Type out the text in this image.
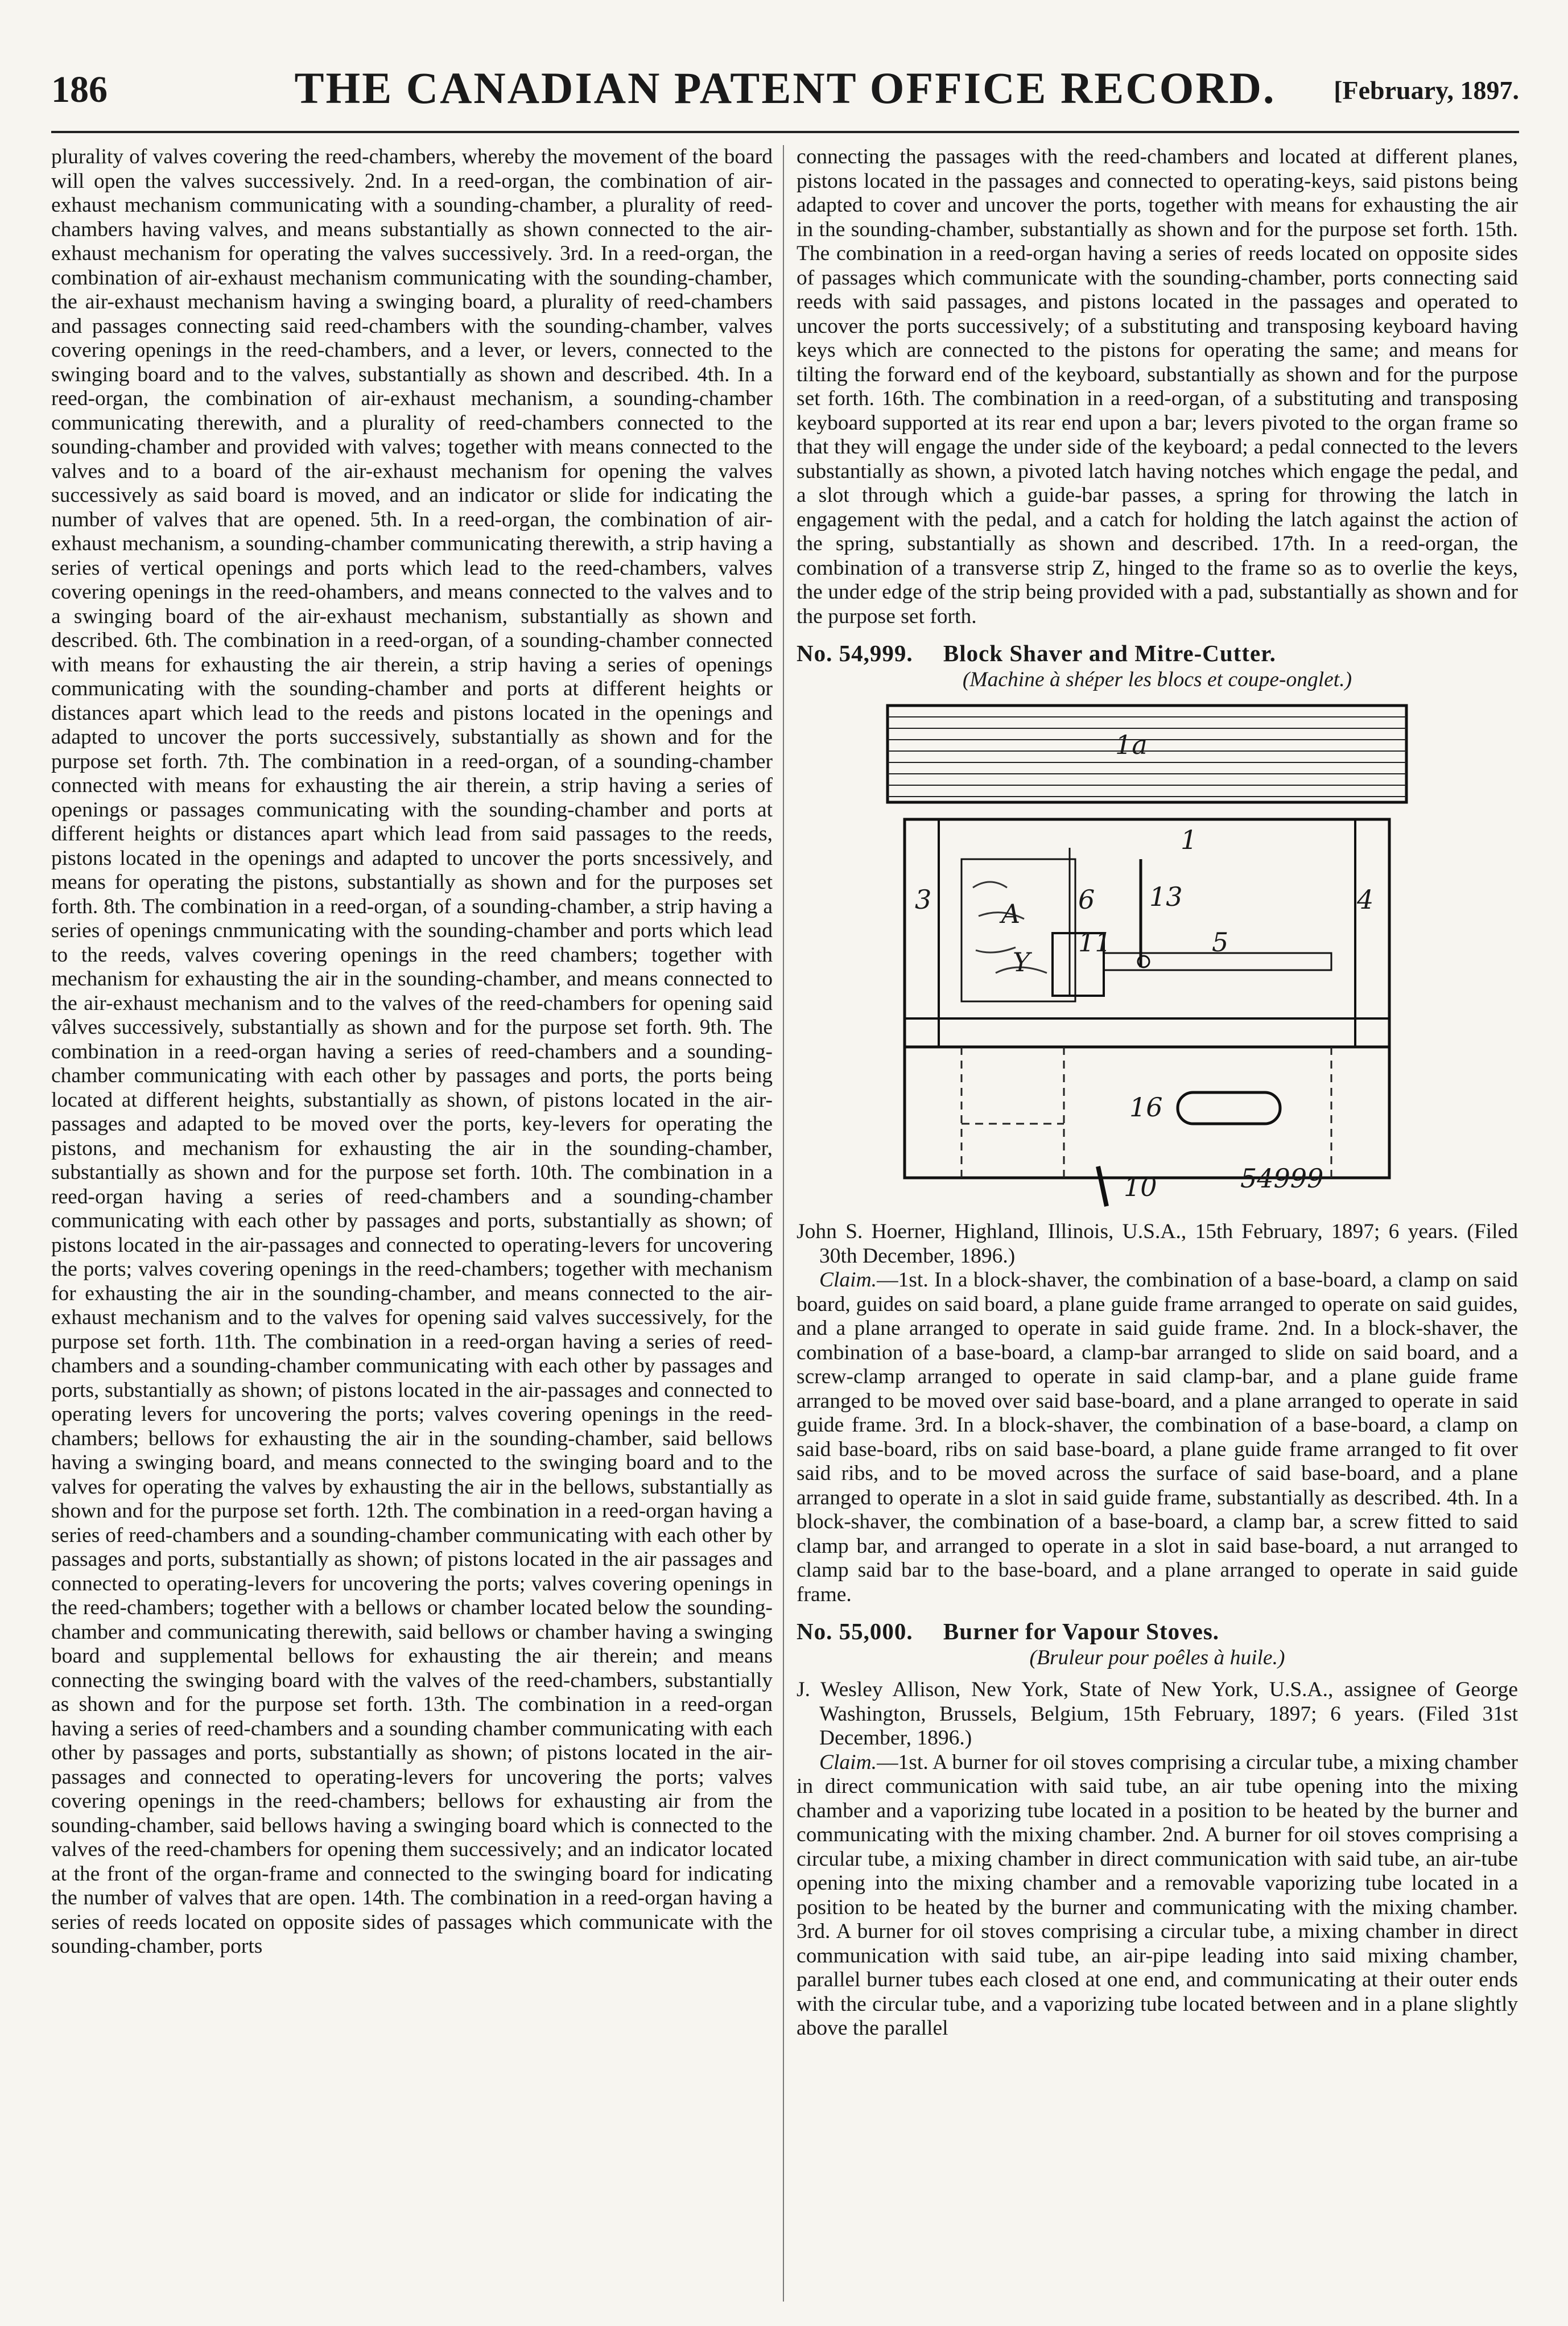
186	THE CANADIAN PATENT OFFICE RECORD.	[February, 1897.

plurality of valves covering the reed-chambers, whereby the movement of the board will open the valves successively. 2nd. In a reed-organ, the combination of air-exhaust mechanism communicating with a sounding-chamber, a plurality of reed-chambers having valves, and means substantially as shown connected to the air-exhaust mechanism for operating the valves successively. 3rd. In a reed-organ, the combination of air-exhaust mechanism communicating with the sounding-chamber, the air-exhaust mechanism having a swinging board, a plurality of reed-chambers and passages connecting said reed-chambers with the sounding-chamber, valves covering openings in the reed-chambers, and a lever, or levers, connected to the swinging board and to the valves, substantially as shown and described. 4th. In a reed-organ, the combination of air-exhaust mechanism, a sounding-chamber communicating therewith, and a plurality of reed-chambers connected to the sounding-chamber and provided with valves; together with means connected to the valves and to a board of the air-exhaust mechanism for opening the valves successively as said board is moved, and an indicator or slide for indicating the number of valves that are opened. 5th. In a reed-organ, the combination of air-exhaust mechanism, a sounding-chamber communicating therewith, a strip having a series of vertical openings and ports which lead to the reed-chambers, valves covering openings in the reed-ohambers, and means connected to the valves and to a swinging board of the air-exhaust mechanism, substantially as shown and described. 6th. The combination in a reed-organ, of a sounding-chamber connected with means for exhausting the air therein, a strip having a series of openings communicating with the sounding-chamber and ports at different heights or distances apart which lead to the reeds and pistons located in the openings and adapted to uncover the ports successively, substantially as shown and for the purpose set forth. 7th. The combination in a reed-organ, of a sounding-chamber connected with means for exhausting the air therein, a strip having a series of openings or passages communicating with the sounding-chamber and ports at different heights or distances apart which lead from said passages to the reeds, pistons located in the openings and adapted to uncover the ports sncessively, and means for operating the pistons, substantially as shown and for the purposes set forth. 8th. The combination in a reed-organ, of a sounding-chamber, a strip having a series of openings cnmmunicating with the sounding-chamber and ports which lead to the reeds, valves covering openings in the reed chambers; together with mechanism for exhausting the air in the sounding-chamber, and means connected to the air-exhaust mechanism and to the valves of the reed-chambers for opening said vâlves successively, substantially as shown and for the purpose set forth. 9th. The combination in a reed-organ having a series of reed-chambers and a sounding-chamber communicating with each other by passages and ports, the ports being located at different heights, substantially as shown, of pistons located in the air-passages and adapted to be moved over the ports, key-levers for operating the pistons, and mechanism for exhausting the air in the sounding-chamber, substantially as shown and for the purpose set forth. 10th. The combination in a reed-organ having a series of reed-chambers and a sounding-chamber communicating with each other by passages and ports, substantially as shown; of pistons located in the air-passages and connected to operating-levers for uncovering the ports; valves covering openings in the reed-chambers; together with mechanism for exhausting the air in the sounding-chamber, and means connected to the air-exhaust mechanism and to the valves for opening said valves successively, for the purpose set forth. 11th. The combination in a reed-organ having a series of reed-chambers and a sounding-chamber communicating with each other by passages and ports, substantially as shown; of pistons located in the air-passages and connected to operating levers for uncovering the ports; valves covering openings in the reed-chambers; bellows for exhausting the air in the sounding-chamber, said bellows having a swinging board, and means connected to the swinging board and to the valves for operating the valves by exhausting the air in the bellows, substantially as shown and for the purpose set forth. 12th. The combination in a reed-organ having a series of reed-chambers and a sounding-chamber communicating with each other by passages and ports, substantially as shown; of pistons located in the air passages and connected to operating-levers for uncovering the ports; valves covering openings in the reed-chambers; together with a bellows or chamber located below the sounding-chamber and communicating therewith, said bellows or chamber having a swinging board and supplemental bellows for exhausting the air therein; and means connecting the swinging board with the valves of the reed-chambers, substantially as shown and for the purpose set forth. 13th. The combination in a reed-organ having a series of reed-chambers and a sounding chamber communicating with each other by passages and ports, substantially as shown; of pistons located in the air-passages and connected to operating-levers for uncovering the ports; valves covering openings in the reed-chambers; bellows for exhausting air from the sounding-chamber, said bellows having a swinging board which is connected to the valves of the reed-chambers for opening them successively; and an indicator located at the front of the organ-frame and connected to the swinging board for indicating the number of valves that are open. 14th. The combination in a reed-organ having a series of reeds located on opposite sides of passages which communicate with the sounding-chamber, ports

connecting the passages with the reed-chambers and located at different planes, pistons located in the passages and connected to operating-keys, said pistons being adapted to cover and uncover the ports, together with means for exhausting the air in the sounding-chamber, substantially as shown and for the purpose set forth. 15th. The combination in a reed-organ having a series of reeds located on opposite sides of passages which communicate with the sounding-chamber, ports connecting said reeds with said passages, and pistons located in the passages and operated to uncover the ports successively; of a substituting and transposing keyboard having keys which are connected to the pistons for operating the same; and means for tilting the forward end of the keyboard, substantially as shown and for the purpose set forth. 16th. The combination in a reed-organ, of a substituting and transposing keyboard supported at its rear end upon a bar; levers pivoted to the organ frame so that they will engage the under side of the keyboard; a pedal connected to the levers substantially as shown, a pivoted latch having notches which engage the pedal, and a slot through which a guide-bar passes, a spring for throwing the latch in engagement with the pedal, and a catch for holding the latch against the action of the spring, substantially as shown and described. 17th. In a reed-organ, the combination of a transverse strip Z, hinged to the frame so as to overlie the keys, the under edge of the strip being provided with a pad, substantially as shown and for the purpose set forth.

No. 54,999. Block Shaver and Mitre-Cutter.
(Machine à shéper les blocs et coupe-onglet.)
1a
1
3	6 13	4
A
11	5
Y
16
10	54999

John S. Hoerner, Highland, Illinois, U.S.A., 15th February, 1897; 6 years. (Filed 30th December, 1896.)

Claim.—1st. In a block-shaver, the combination of a base-board, a clamp on said board, guides on said board, a plane guide frame arranged to operate on said guides, and a plane arranged to operate in said guide frame. 2nd. In a block-shaver, the combination of a base-board, a clamp-bar arranged to slide on said board, and a screw-clamp arranged to operate in said clamp-bar, and a plane guide frame arranged to be moved over said base-board, and a plane arranged to operate in said guide frame. 3rd. In a block-shaver, the combination of a base-board, a clamp on said base-board, ribs on said base-board, a plane guide frame arranged to fit over said ribs, and to be moved across the surface of said base-board, and a plane arranged to operate in a slot in said guide frame, substantially as described. 4th. In a block-shaver, the combination of a base-board, a clamp bar, a screw fitted to said clamp bar, and arranged to operate in a slot in said base-board, a nut arranged to clamp said bar to the base-board, and a plane arranged to operate in said guide frame.

No. 55,000. Burner for Vapour Stoves.
(Bruleur pour poêles à huile.)

J. Wesley Allison, New York, State of New York, U.S.A., assignee of George Washington, Brussels, Belgium, 15th February, 1897; 6 years. (Filed 31st December, 1896.)

Claim.—1st. A burner for oil stoves comprising a circular tube, a mixing chamber in direct communication with said tube, an air tube opening into the mixing chamber and a vaporizing tube located in a position to be heated by the burner and communicating with the mixing chamber. 2nd. A burner for oil stoves comprising a circular tube, a mixing chamber in direct communication with said tube, an air-tube opening into the mixing chamber and a removable vaporizing tube located in a position to be heated by the burner and communicating with the mixing chamber. 3rd. A burner for oil stoves comprising a circular tube, a mixing chamber in direct communication with said tube, an air-pipe leading into said mixing chamber, parallel burner tubes each closed at one end, and communicating at their outer ends with the circular tube, and a vaporizing tube located between and in a plane slightly above the parallel
